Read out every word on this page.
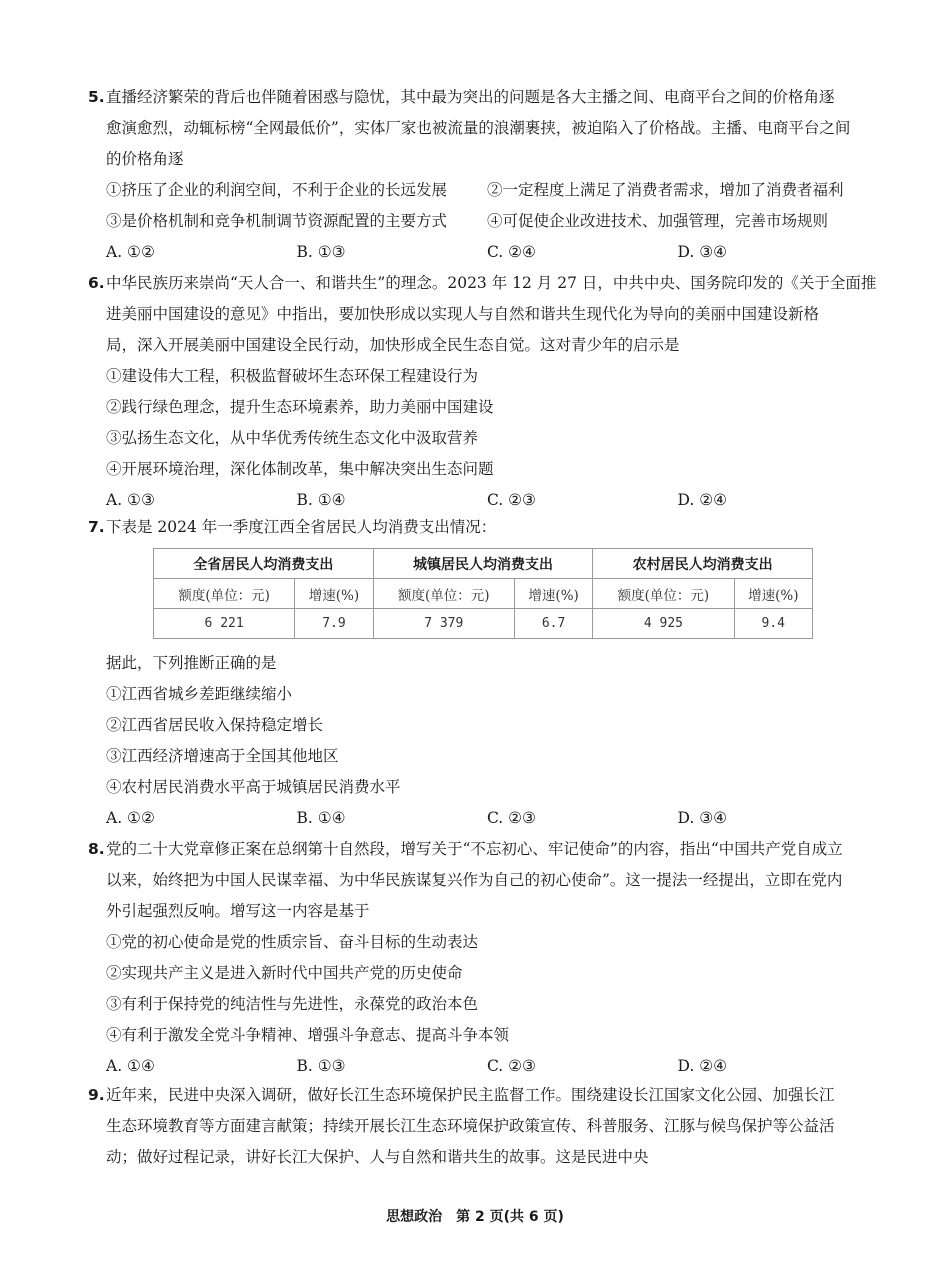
5.直播经济繁荣的背后也伴随着困惑与隐忧，其中最为突出的问题是各大主播之间、电商平台之间的价格角逐
愈演愈烈，动辄标榜“全网最低价”，实体厂家也被流量的浪潮裹挟，被迫陷入了价格战。主播、电商平台之间
的价格角逐
①挤压了企业的利润空间，不利于企业的长远发展	②一定程度上满足了消费者需求，增加了消费者福利
③是价格机制和竞争机制调节资源配置的主要方式	④可促使企业改进技术、加强管理，完善市场规则
A. ①②	B. ①③	C. ②④	D. ③④
6.中华民族历来崇尚“天人合一、和谐共生”的理念。2023 年 12 月 27 日，中共中央、国务院印发的《关于全面推
进美丽中国建设的意见》中指出，要加快形成以实现人与自然和谐共生现代化为导向的美丽中国建设新格
局，深入开展美丽中国建设全民行动，加快形成全民生态自觉。这对青少年的启示是
①建设伟大工程，积极监督破坏生态环保工程建设行为
②践行绿色理念，提升生态环境素养，助力美丽中国建设
③弘扬生态文化，从中华优秀传统生态文化中汲取营养
④开展环境治理，深化体制改革，集中解决突出生态问题
A. ①③	B. ①④	C. ②③	D. ②④
7.下表是 2024 年一季度江西全省居民人均消费支出情况：
全省居民人均消费支出		城镇居民人均消费支出		农村居民人均消费支出	
额度(单位：元)	增速(%)	额度(单位：元)	增速(%)	额度(单位：元)	增速(%)
6 221	7.9	7 379	6.7	4 925	9.4
据此，下列推断正确的是
①江西省城乡差距继续缩小
②江西省居民收入保持稳定增长
③江西经济增速高于全国其他地区
④农村居民消费水平高于城镇居民消费水平
A. ①②	B. ①④	C. ②③	D. ③④
8.党的二十大党章修正案在总纲第十自然段，增写关于“不忘初心、牢记使命”的内容，指出“中国共产党自成立
以来，始终把为中国人民谋幸福、为中华民族谋复兴作为自己的初心使命”。这一提法一经提出，立即在党内
外引起强烈反响。增写这一内容是基于
①党的初心使命是党的性质宗旨、奋斗目标的生动表达
②实现共产主义是进入新时代中国共产党的历史使命
③有利于保持党的纯洁性与先进性，永葆党的政治本色
④有利于激发全党斗争精神、增强斗争意志、提高斗争本领
A. ①④	B. ①③	C. ②③	D. ②④
9.近年来，民进中央深入调研，做好长江生态环境保护民主监督工作。围绕建设长江国家文化公园、加强长江
生态环境教育等方面建言献策；持续开展长江生态环境保护政策宣传、科普服务、江豚与候鸟保护等公益活
动；做好过程记录，讲好长江大保护、人与自然和谐共生的故事。这是民进中央
思想政治　第 2 页(共 6 页)
